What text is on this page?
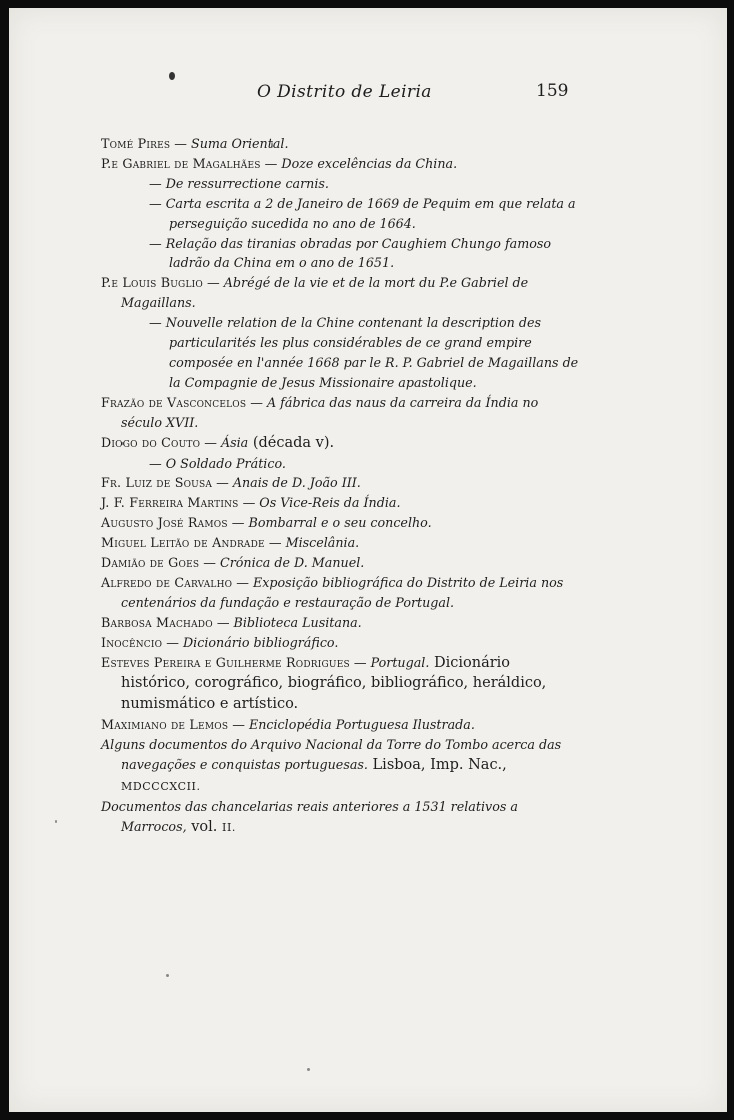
O Distrito de Leiria	159

Tomé Pires — Suma Oriental.

P.e Gabriel de Magalhães — Doze excelências da China.

— De ressurrectione carnis.

— Carta escrita a 2 de Janeiro de 1669 de Pequim em que relata a perseguição sucedida no ano de 1664.

— Relação das tiranias obradas por Caughiem Chungo famoso ladrão da China em o ano de 1651.

P.e Louis Buglio — Abrégé de la vie et de la mort du P.e Gabriel de Magaillans.

— Nouvelle relation de la Chine contenant la description des particularités les plus considérables de ce grand empire composée en l'année 1668 par le R. P. Gabriel de Magaillans de la Compagnie de Jesus Missionaire apastolique.

Frazão de Vasconcelos — A fábrica das naus da carreira da Índia no século XVII.

Diogo do Couto — Ásia (década v).

— O Soldado Prático.

Fr. Luiz de Sousa — Anais de D. João III.

J. F. Ferreira Martins — Os Vice-Reis da Índia.

Augusto José Ramos — Bombarral e o seu concelho.

Miguel Leitão de Andrade — Miscelânia.

Damião de Goes — Crónica de D. Manuel.

Alfredo de Carvalho — Exposição bibliográfica do Distrito de Leiria nos centenários da fundação e restauração de Portugal.

Barbosa Machado — Biblioteca Lusitana.

Inocêncio — Dicionário bibliográfico.

Esteves Pereira e Guilherme Rodrigues — Portugal. Dicionário histórico, corográfico, biográfico, bibliográfico, heráldico, numismático e artístico.

Maximiano de Lemos — Enciclopédia Portuguesa Ilustrada.

Alguns documentos do Arquivo Nacional da Torre do Tombo acerca das navegações e conquistas portuguesas. Lisboa, Imp. Nac., MDCCCXCII.

Documentos das chancelarias reais anteriores a 1531 relativos a Marrocos, vol. II.
